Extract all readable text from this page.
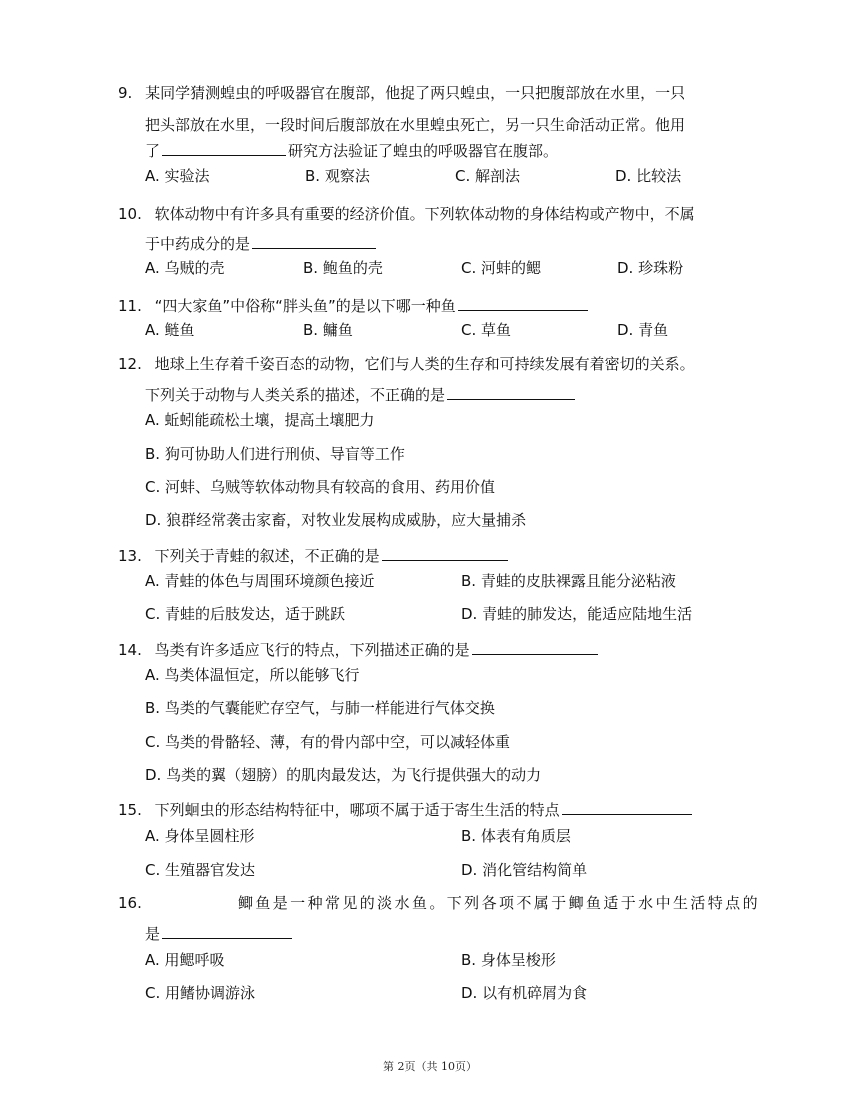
9. 某同学猜测蝗虫的呼吸器官在腹部，他捉了两只蝗虫，一只把腹部放在水里，一只
把头部放在水里，一段时间后腹部放在水里蝗虫死亡，另一只生命活动正常。他用
了	研究方法验证了蝗虫的呼吸器官在腹部。
A. 实验法	B. 观察法	C. 解剖法	D. 比较法
10. 软体动物中有许多具有重要的经济价值。下列软体动物的身体结构或产物中，不属
于中药成分的是
A. 乌贼的壳	B. 鲍鱼的壳	C. 河蚌的鳃	D. 珍珠粉
11. “四大家鱼”中俗称“胖头鱼”的是以下哪一种鱼
A. 鲢鱼	B. 鳙鱼	C. 草鱼	D. 青鱼
12. 地球上生存着千姿百态的动物，它们与人类的生存和可持续发展有着密切的关系。
下列关于动物与人类关系的描述，不正确的是
A. 蚯蚓能疏松土壤，提高土壤肥力
B. 狗可协助人们进行刑侦、导盲等工作
C. 河蚌、乌贼等软体动物具有较高的食用、药用价值
D. 狼群经常袭击家畜，对牧业发展构成威胁，应大量捕杀
13. 下列关于青蛙的叙述，不正确的是
A. 青蛙的体色与周围环境颜色接近	B. 青蛙的皮肤裸露且能分泌粘液
C. 青蛙的后肢发达，适于跳跃	D. 青蛙的肺发达，能适应陆地生活
14. 鸟类有许多适应飞行的特点，下列描述正确的是
A. 鸟类体温恒定，所以能够飞行
B. 鸟类的气囊能贮存空气，与肺一样能进行气体交换
C. 鸟类的骨骼轻、薄，有的骨内部中空，可以减轻体重
D. 鸟类的翼（翅膀）的肌肉最发达，为飞行提供强大的动力
15. 下列蛔虫的形态结构特征中，哪项不属于适于寄生生活的特点
A. 身体呈圆柱形	B. 体表有角质层
C. 生殖器官发达	D. 消化管结构简单
16.	鲫鱼是一种常见的淡水鱼。下列各项不属于鲫鱼适于水中生活特点的
是
A. 用鳃呼吸	B. 身体呈梭形
C. 用鳍协调游泳	D. 以有机碎屑为食
第 2页（共 10页）
